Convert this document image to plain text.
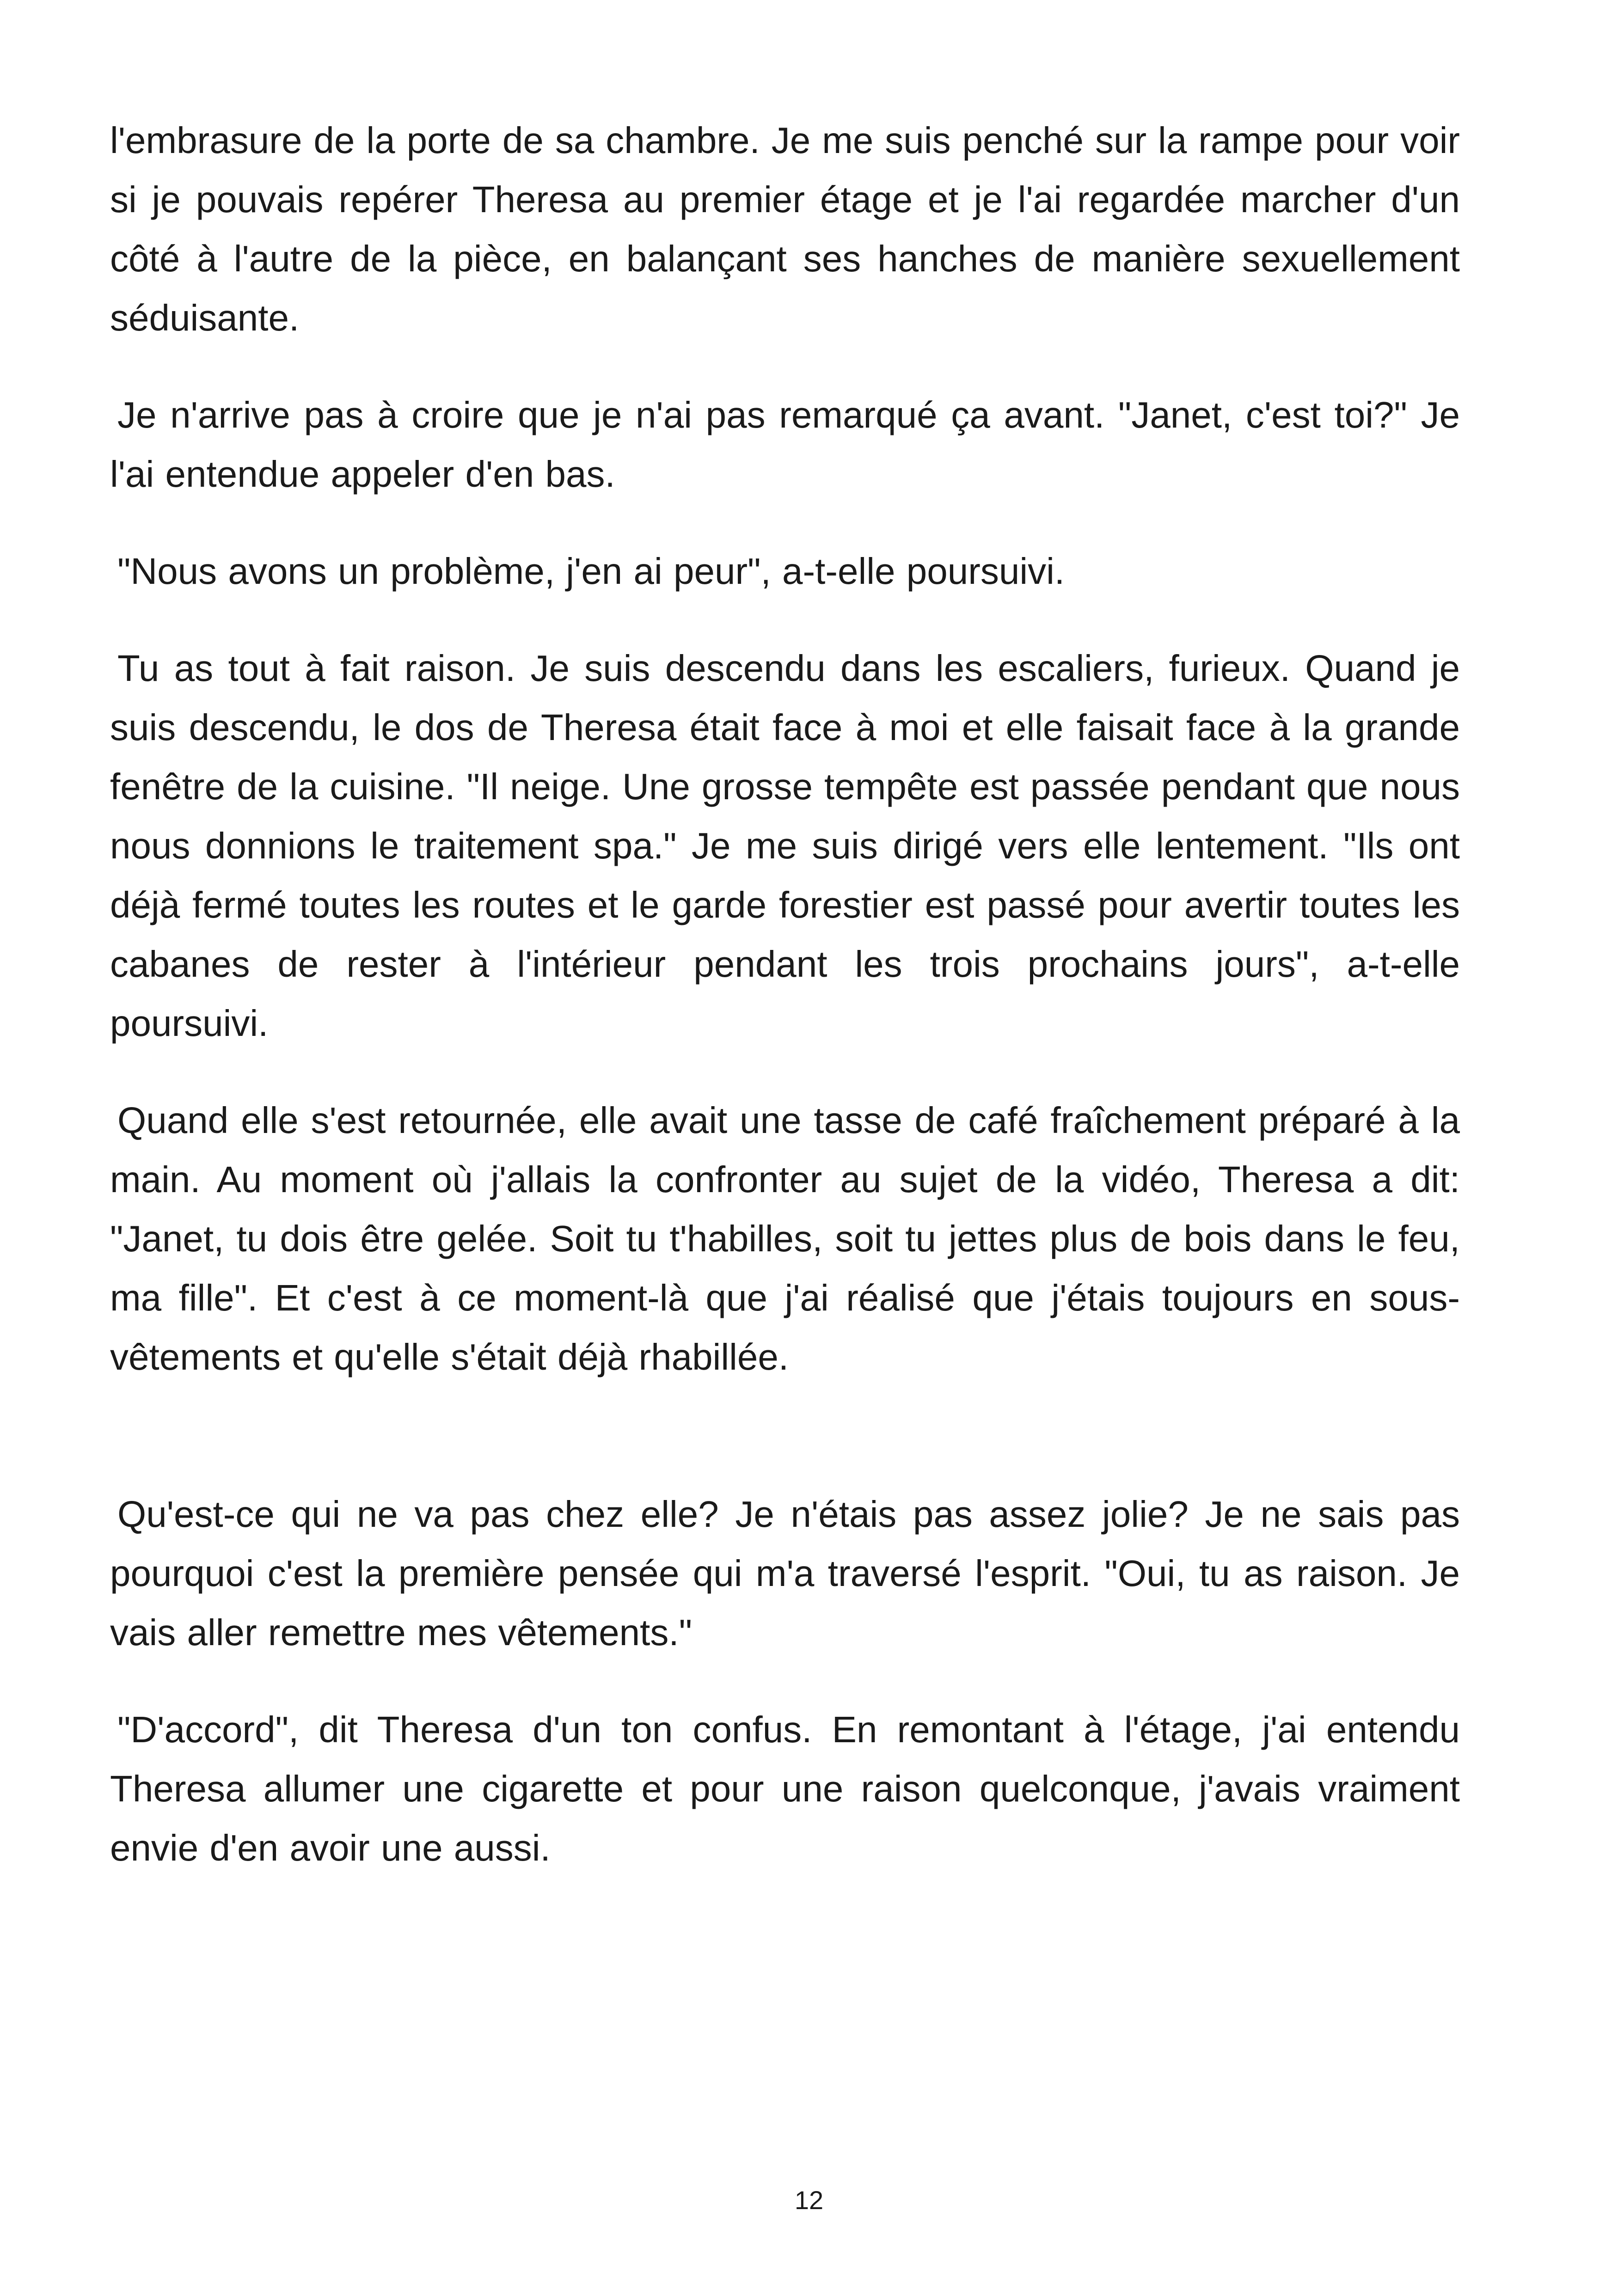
l'embrasure de la porte de sa chambre. Je me suis penché sur la rampe pour voir si je pouvais repérer Theresa au premier étage et je l'ai regardée marcher d'un côté à l'autre de la pièce, en balançant ses hanches de manière sexuellement séduisante.

Je n'arrive pas à croire que je n'ai pas remarqué ça avant. "Janet, c'est toi?" Je l'ai entendue appeler d'en bas.

"Nous avons un problème, j'en ai peur", a-t-elle poursuivi.

Tu as tout à fait raison. Je suis descendu dans les escaliers, furieux. Quand je suis descendu, le dos de Theresa était face à moi et elle faisait face à la grande fenêtre de la cuisine. "Il neige. Une grosse tempête est passée pendant que nous nous donnions le traitement spa." Je me suis dirigé vers elle lentement. "Ils ont déjà fermé toutes les routes et le garde forestier est passé pour avertir toutes les cabanes de rester à l'intérieur pendant les trois prochains jours", a-t-elle poursuivi.

Quand elle s'est retournée, elle avait une tasse de café fraîchement préparé à la main. Au moment où j'allais la confronter au sujet de la vidéo, Theresa a dit: "Janet, tu dois être gelée. Soit tu t'habilles, soit tu jettes plus de bois dans le feu, ma fille". Et c'est à ce moment-là que j'ai réalisé que j'étais toujours en sous-vêtements et qu'elle s'était déjà rhabillée.

Qu'est-ce qui ne va pas chez elle? Je n'étais pas assez jolie? Je ne sais pas pourquoi c'est la première pensée qui m'a traversé l'esprit. "Oui, tu as raison. Je vais aller remettre mes vêtements."

"D'accord", dit Theresa d'un ton confus. En remontant à l'étage, j'ai entendu Theresa allumer une cigarette et pour une raison quelconque, j'avais vraiment envie d'en avoir une aussi.

12
